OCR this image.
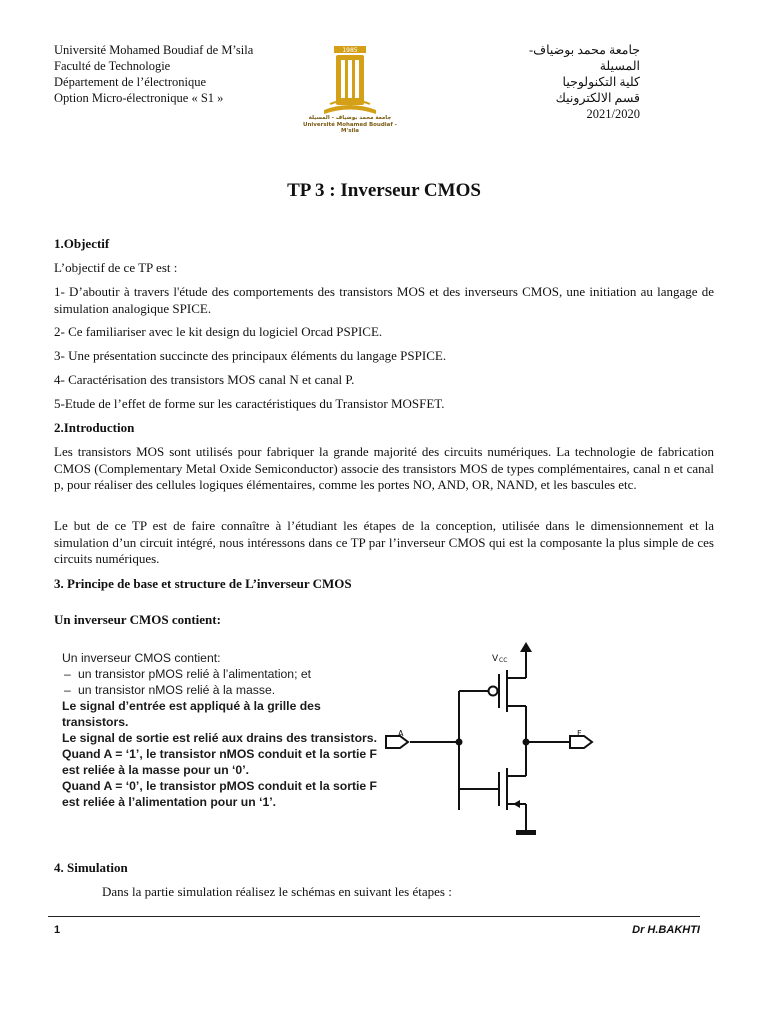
Université Mohamed Boudiaf de M’sila
Faculté de Technologie
Département de l’électronique
Option Micro-électronique « S1 »
1985
جامعة محمد بوضياف - المسيلة
Université Mohamed Boudiaf - M'sila
جامعة محمد بوضياف- المسيلة
كلية التكنولوجيا
قسم الالكترونيك
2021/2020
TP 3 : Inverseur CMOS
1.Objectif
L’objectif de ce TP est :
1- D’aboutir à travers l'étude des comportements des transistors MOS et des inverseurs CMOS, une initiation au langage de simulation analogique SPICE.
2- Ce familiariser avec le kit design du logiciel Orcad PSPICE.
3- Une présentation succincte des principaux éléments du langage PSPICE.
4- Caractérisation des transistors MOS canal N et canal P.
5-Etude de l’effet de forme sur les caractéristiques du Transistor MOSFET.
2.Introduction
Les transistors MOS sont utilisés pour fabriquer la grande majorité des circuits numériques. La technologie de fabrication CMOS (Complementary Metal Oxide Semiconductor) associe des transistors MOS de types complémentaires, canal n et canal p, pour réaliser des cellules logiques élémentaires, comme les portes NO, AND, OR, NAND, et les bascules etc.
Le but de ce TP est de faire connaître à l’étudiant les étapes de la conception, utilisée dans le dimensionnement et la simulation d’un circuit intégré, nous intéressons dans ce TP par l’inverseur CMOS qui est la composante la plus simple de ces circuits numériques.
3. Principe de base et structure de L’inverseur CMOS
Un inverseur CMOS contient:
Un inverseur CMOS contient:
– un transistor pMOS relié à l’alimentation; et
– un transistor nMOS relié à la masse.
Le signal d’entrée est appliqué à la grille des transistors.
Le signal de sortie est relié aux drains des transistors.
Quand A = ‘1’, le transistor nMOS conduit et la sortie F est reliée à la masse pour un ‘0’.
Quand A = ‘0’, le transistor pMOS conduit et la sortie F est reliée à l’alimentation pour un ‘1’.
V CC
A	F
4. Simulation
Dans la partie simulation réalisez le schémas en suivant les étapes :
1	Dr H.BAKHTI
